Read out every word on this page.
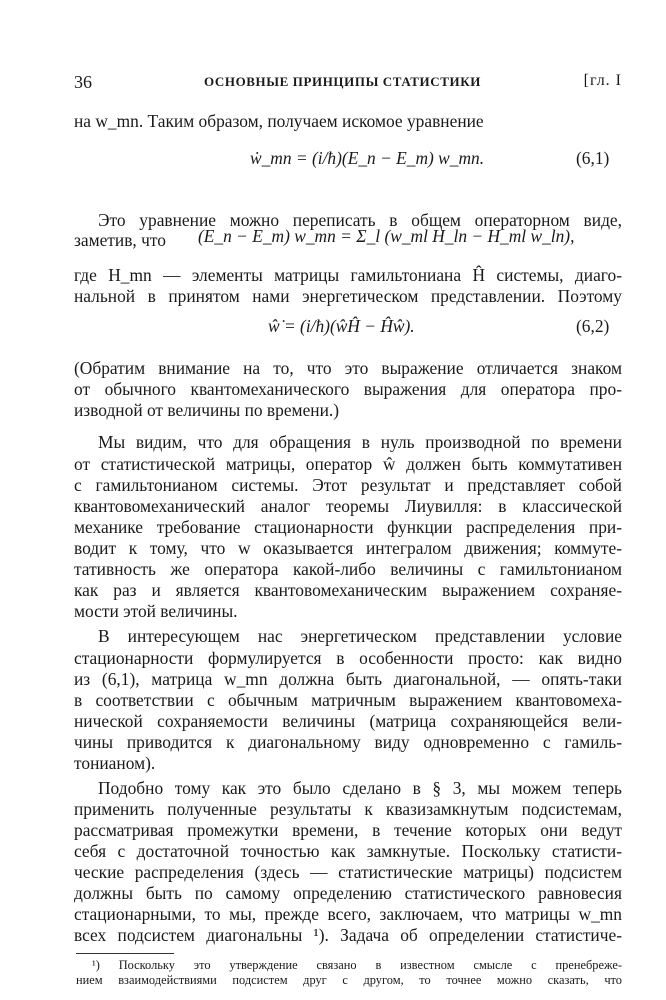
36	ОСНОВНЫЕ ПРИНЦИПЫ СТАТИСТИКИ	[гл. I
на w_mn. Таким образом, получаем искомое уравнение
ẇ_mn = (i/ħ)(E_n − E_m) w_mn.	(6,1)
Это уравнение можно переписать в общем операторном виде,
заметив, что	(E_n − E_m) w_mn = Σ_l (w_ml H_ln − H_ml w_ln),
где H_mn — элементы матрицы гамильтониана Ĥ системы, диаго-
нальной в принятом нами энергетическом представлении. Поэтому
ŵ̇ = (i/ħ)(ŵĤ − Ĥŵ).	(6,2)
(Обратим внимание на то, что это выражение отличается знаком
от обычного квантомеханического выражения для оператора про-
изводной от величины по времени.)
Мы видим, что для обращения в нуль производной по времени
от статистической матрицы, оператор ŵ должен быть коммутативен
с гамильтонианом системы. Этот результат и представляет собой
квантовомеханический аналог теоремы Лиувилля: в классической
механике требование стационарности функции распределения при-
водит к тому, что w оказывается интегралом движения; коммуте-
тативность же оператора какой-либо величины с гамильтонианом
как раз и является квантовомеханическим выражением сохраняе-
мости этой величины.
В интересующем нас энергетическом представлении условие
стационарности формулируется в особенности просто: как видно
из (6,1), матрица w_mn должна быть диагональной, — опять-таки
в соответствии с обычным матричным выражением квантовомеха-
нической сохраняемости величины (матрица сохраняющейся вели-
чины приводится к диагональному виду одновременно с гамиль-
тонианом).
Подобно тому как это было сделано в § 3, мы можем теперь
применить полученные результаты к квазизамкнутым подсистемам,
рассматривая промежутки времени, в течение которых они ведут
себя с достаточной точностью как замкнутые. Поскольку статисти-
ческие распределения (здесь — статистические матрицы) подсистем
должны быть по самому определению статистического равновесия
стационарными, то мы, прежде всего, заключаем, что матрицы w_mn
всех подсистем диагональны ¹). Задача об определении статистиче-
¹) Поскольку это утверждение связано в известном смысле с пренебреже-
нием взаимодействиями подсистем друг с другом, то точнее можно сказать, что
